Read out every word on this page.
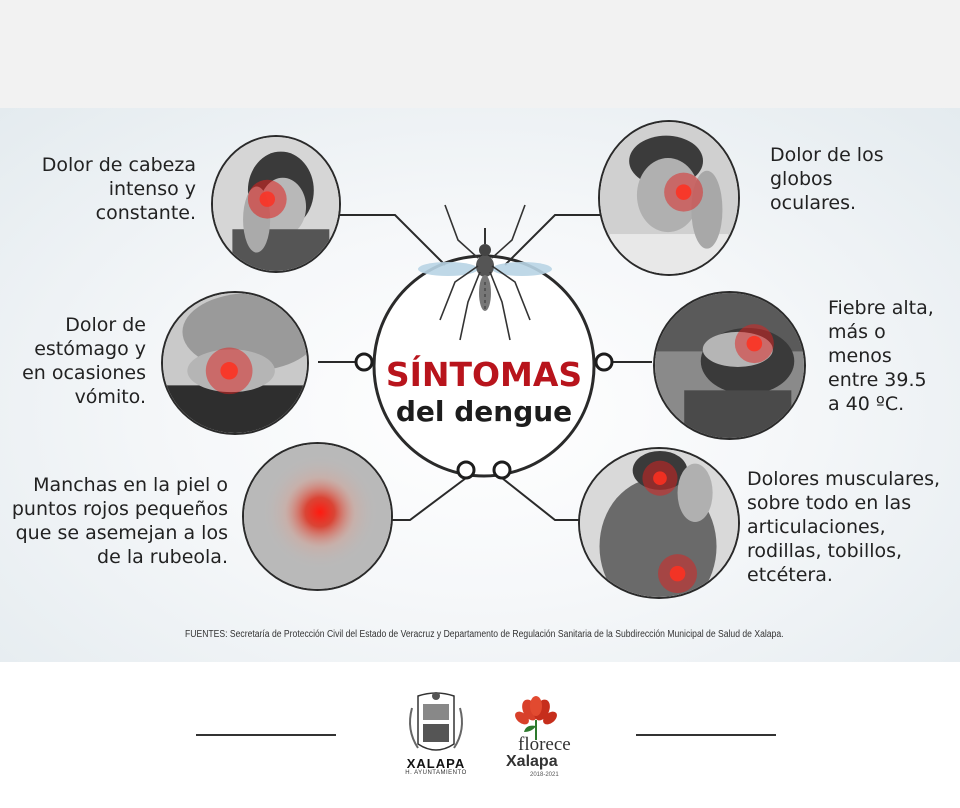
SÍNTOMAS
del dengue
Dolor de cabeza
intenso y
constante.
Dolor de
estómago y
en ocasiones
vómito.
Manchas en la piel o
puntos rojos pequeños
que se asemejan a los
de la rubeola.
Dolor de los
globos
oculares.
Fiebre alta,
más o
menos
entre 39.5
a 40 ºC.
Dolores musculares,
sobre todo en las
articulaciones,
rodillas, tobillos,
etcétera.
FUENTES: Secretaría de Protección Civil del Estado de Veracruz y Departamento de Regulación Sanitaria de la Subdirección Municipal de Salud de Xalapa.
XALAPA
H. AYUNTAMIENTO
florece
Xalapa
2018-2021
